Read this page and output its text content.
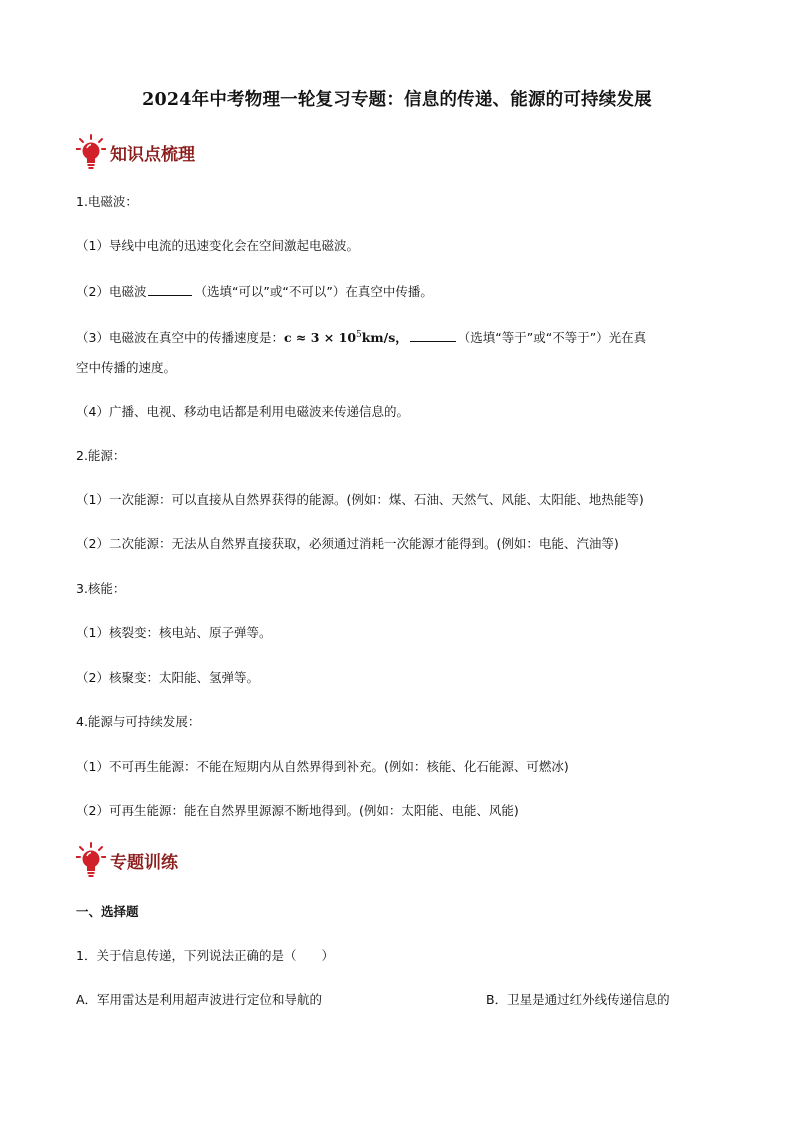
2024年中考物理一轮复习专题：信息的传递、能源的可持续发展
知识点梳理
1.电磁波：
（1）导线中电流的迅速变化会在空间激起电磁波。
（2）电磁波	（选填“可以”或“不可以”）在真空中传播。
（3）电磁波在真空中的传播速度是：$c \approx 3 \times 10^5km/s$，	（选填“等于”或“不等于”）光在真
空中传播的速度。
（4）广播、电视、移动电话都是利用电磁波来传递信息的。
2.能源：
（1）一次能源：可以直接从自然界获得的能源。(例如：煤、石油、天然气、风能、太阳能、地热能等)
（2）二次能源：无法从自然界直接获取，必须通过消耗一次能源才能得到。(例如：电能、汽油等)
3.核能：
（1）核裂变：核电站、原子弹等。
（2）核聚变：太阳能、氢弹等。
4.能源与可持续发展：
（1）不可再生能源：不能在短期内从自然界得到补充。(例如：核能、化石能源、可燃冰)
（2）可再生能源：能在自然界里源源不断地得到。(例如：太阳能、电能、风能)
专题训练
一、选择题
1．关于信息传递，下列说法正确的是（　　）
A．军用雷达是利用超声波进行定位和导航的	B．卫星是通过红外线传递信息的
